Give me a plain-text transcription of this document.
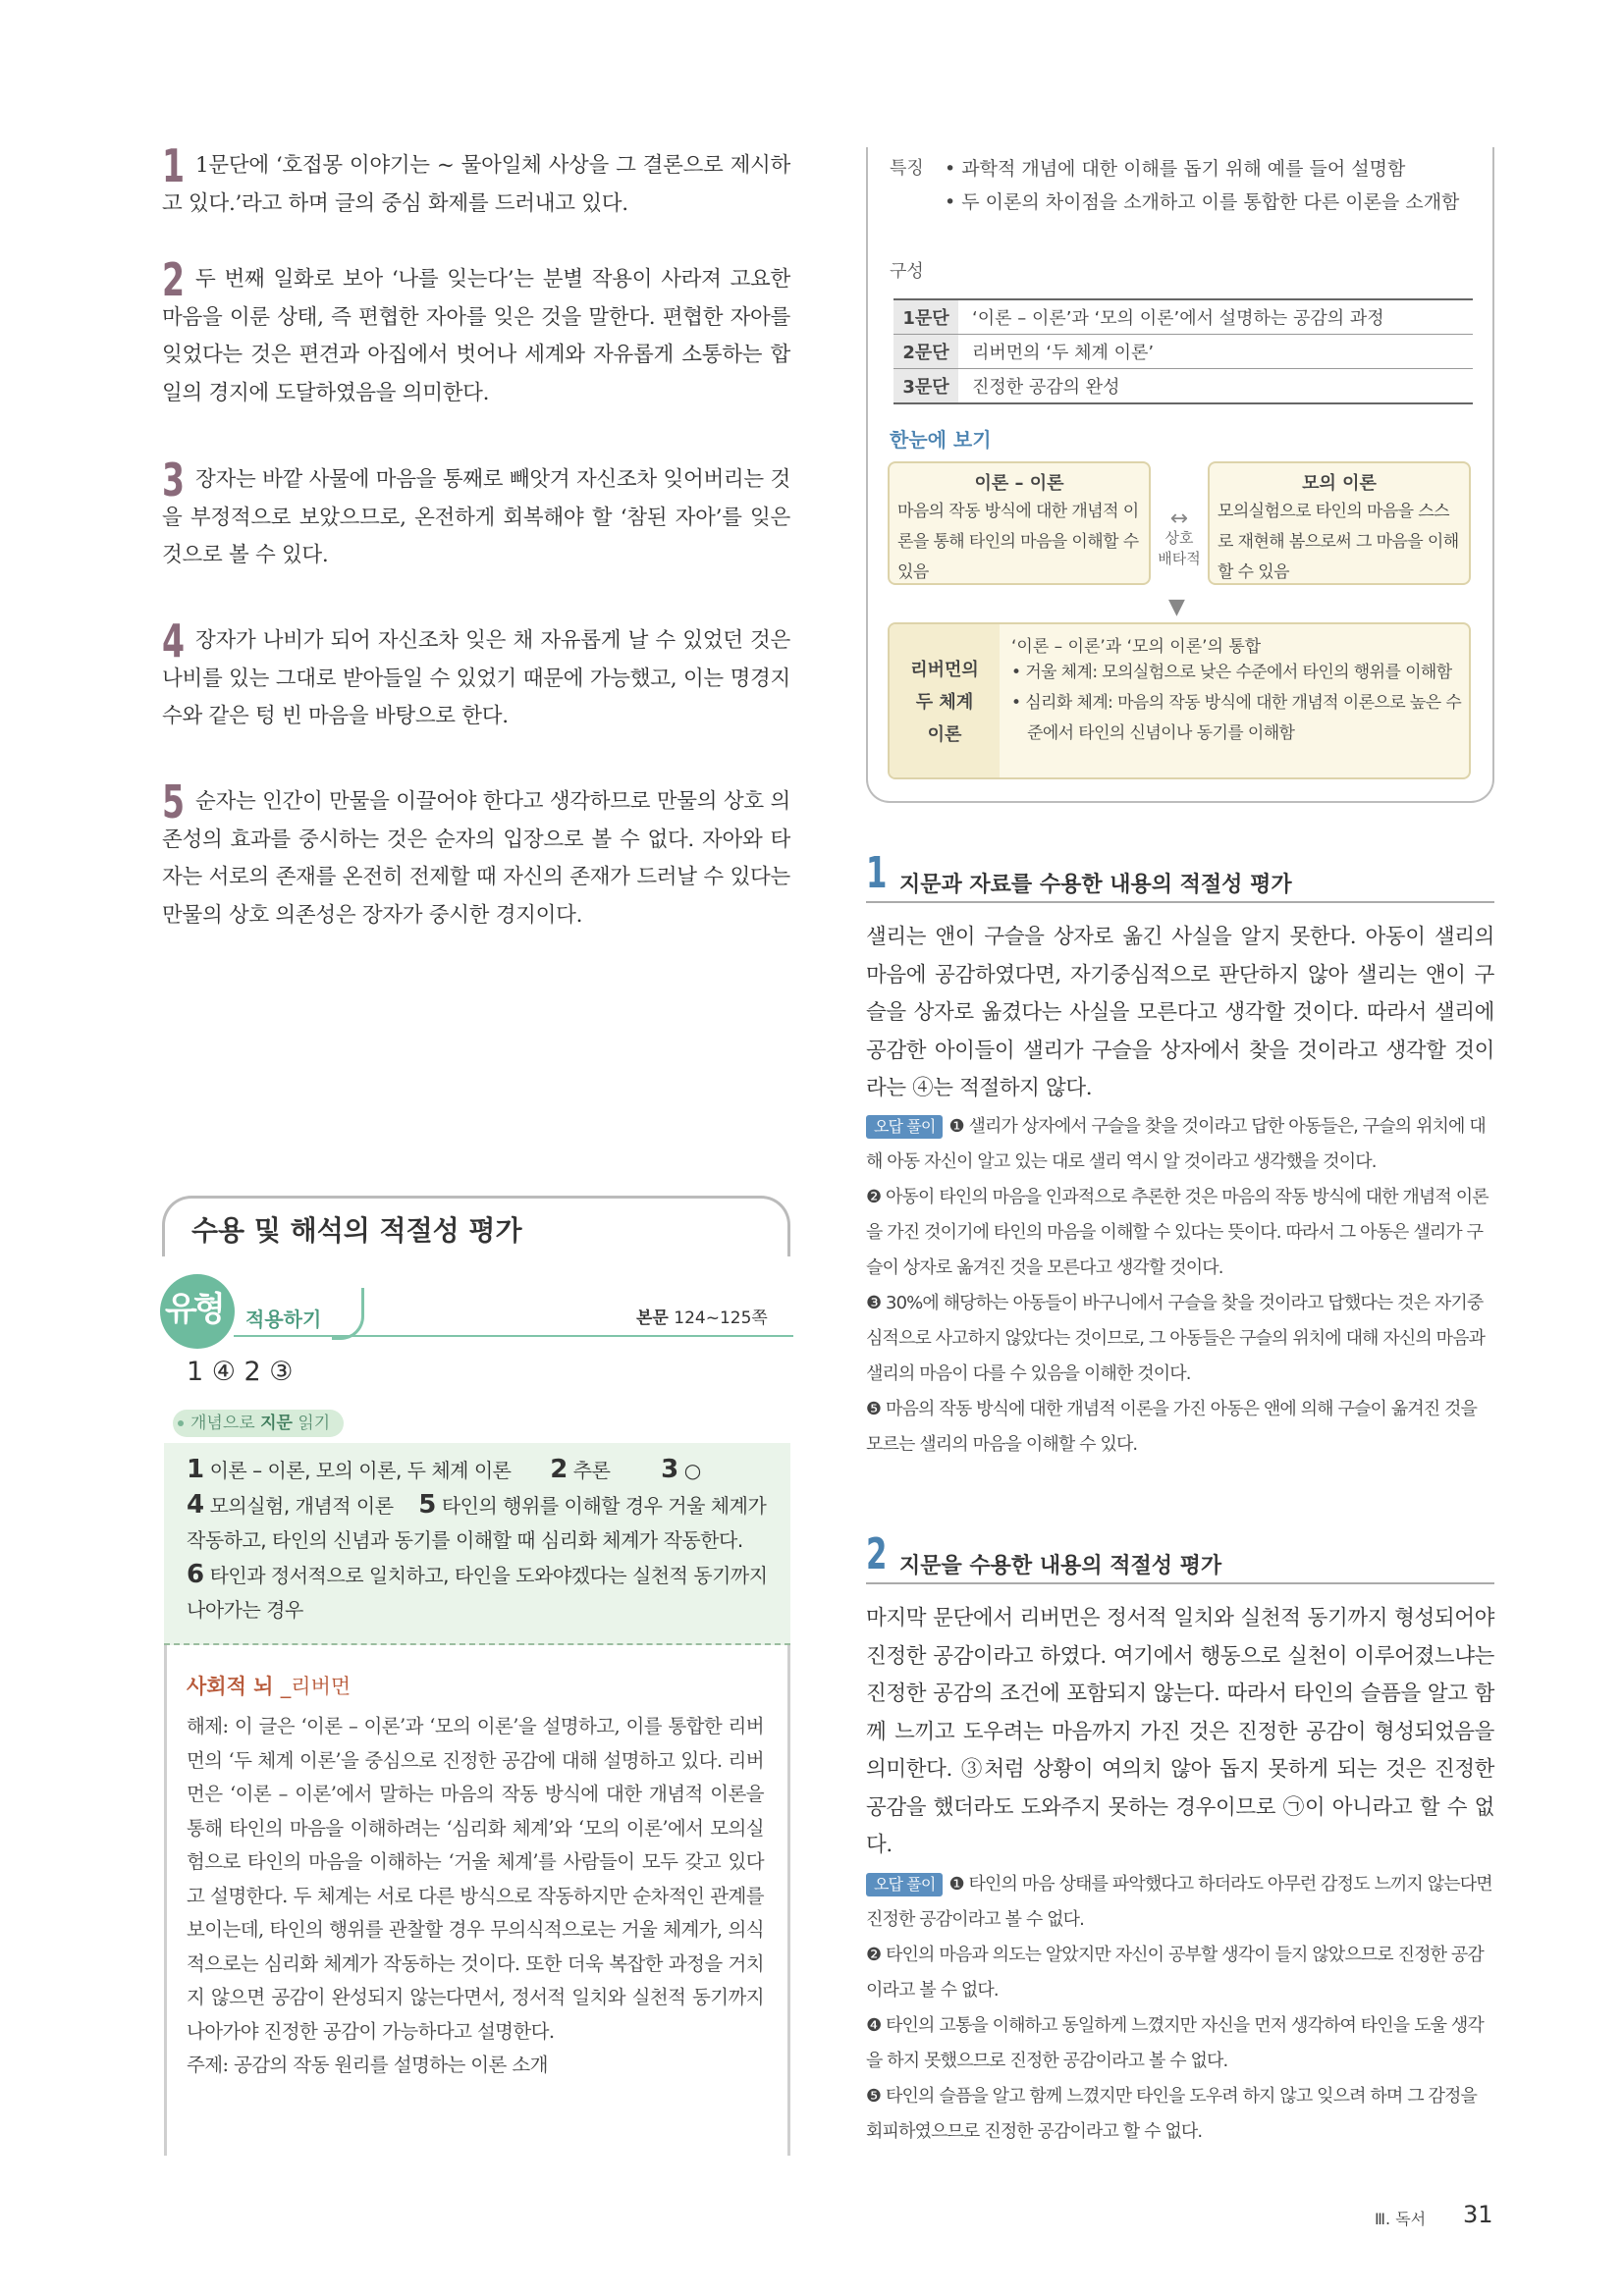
1 1문단에 ‘호접몽 이야기는 ~ 물아일체 사상을 그 결론으로 제시하고 있다.’라고 하며 글의 중심 화제를 드러내고 있다.
2 두 번째 일화로 보아 ‘나를 잊는다’는 분별 작용이 사라져 고요한 마음을 이룬 상태, 즉 편협한 자아를 잊은 것을 말한다. 편협한 자아를 잊었다는 것은 편견과 아집에서 벗어나 세계와 자유롭게 소통하는 합일의 경지에 도달하였음을 의미한다.
3 장자는 바깥 사물에 마음을 통째로 빼앗겨 자신조차 잊어버리는 것을 부정적으로 보았으므로, 온전하게 회복해야 할 ‘참된 자아’를 잊은 것으로 볼 수 있다.
4 장자가 나비가 되어 자신조차 잊은 채 자유롭게 날 수 있었던 것은 나비를 있는 그대로 받아들일 수 있었기 때문에 가능했고, 이는 명경지수와 같은 텅 빈 마음을 바탕으로 한다.
5 순자는 인간이 만물을 이끌어야 한다고 생각하므로 만물의 상호 의존성의 효과를 중시하는 것은 순자의 입장으로 볼 수 없다. 자아와 타자는 서로의 존재를 온전히 전제할 때 자신의 존재가 드러날 수 있다는 만물의 상호 의존성은 장자가 중시한 경지이다.
수용 및 해석의 적절성 평가
유형 적용하기	본문 124~125쪽
1 ④ 2 ③
개념으로 지문 읽기
1 이론 – 이론, 모의 이론, 두 체계 이론 2 추론 3 ○
4 모의실험, 개념적 이론 5 타인의 행위를 이해할 경우 거울 체계가 작동하고, 타인의 신념과 동기를 이해할 때 심리화 체계가 작동한다.  6 타인과 정서적으로 일치하고, 타인을 도와야겠다는 실천적 동기까지 나아가는 경우
사회적 뇌 _리버먼
해제: 이 글은 ‘이론 – 이론’과 ‘모의 이론’을 설명하고, 이를 통합한 리버먼의 ‘두 체계 이론’을 중심으로 진정한 공감에 대해 설명하고 있다. 리버먼은 ‘이론 – 이론’에서 말하는 마음의 작동 방식에 대한 개념적 이론을 통해 타인의 마음을 이해하려는 ‘심리화 체계’와 ‘모의 이론’에서 모의실험으로 타인의 마음을 이해하는 ‘거울 체계’를 사람들이 모두 갖고 있다고 설명한다. 두 체계는 서로 다른 방식으로 작동하지만 순차적인 관계를 보이는데, 타인의 행위를 관찰할 경우 무의식적으로는 거울 체계가, 의식적으로는 심리화 체계가 작동하는 것이다. 또한 더욱 복잡한 과정을 거치지 않으면 공감이 완성되지 않는다면서, 정서적 일치와 실천적 동기까지 나아가야 진정한 공감이 가능하다고 설명한다.
주제: 공감의 작동 원리를 설명하는 이론 소개
특징 • 과학적 개념에 대한 이해를 돕기 위해 예를 들어 설명함
• 두 이론의 차이점을 소개하고 이를 통합한 다른 이론을 소개함
구성
1문단	‘이론 – 이론’과 ‘모의 이론’에서 설명하는 공감의 과정
2문단	리버먼의 ‘두 체계 이론’
3문단	진정한 공감의 완성
한눈에 보기
이론 – 이론
마음의 작동 방식에 대한 개념적 이론을 통해 타인의 마음을 이해할 수 있음
↔
상호
배타적
모의 이론
모의실험으로 타인의 마음을 스스로 재현해 봄으로써 그 마음을 이해할 수 있음
▼
리버먼의
두 체계
이론
‘이론 – 이론’과 ‘모의 이론’의 통합
• 거울 체계: 모의실험으로 낮은 수준에서 타인의 행위를 이해함
• 심리화 체계: 마음의 작동 방식에 대한 개념적 이론으로 높은 수준에서 타인의 신념이나 동기를 이해함
1 지문과 자료를 수용한 내용의 적절성 평가
샐리는 앤이 구슬을 상자로 옮긴 사실을 알지 못한다. 아동이 샐리의 마음에 공감하였다면, 자기중심적으로 판단하지 않아 샐리는 앤이 구슬을 상자로 옮겼다는 사실을 모른다고 생각할 것이다. 따라서 샐리에 공감한 아이들이 샐리가 구슬을 상자에서 찾을 것이라고 생각할 것이라는 ④는 적절하지 않다.
오답 풀이 ❶ 샐리가 상자에서 구슬을 찾을 것이라고 답한 아동들은, 구슬의 위치에 대해 아동 자신이 알고 있는 대로 샐리 역시 알 것이라고 생각했을 것이다.
❷ 아동이 타인의 마음을 인과적으로 추론한 것은 마음의 작동 방식에 대한 개념적 이론을 가진 것이기에 타인의 마음을 이해할 수 있다는 뜻이다. 따라서 그 아동은 샐리가 구슬이 상자로 옮겨진 것을 모른다고 생각할 것이다.
❸ 30%에 해당하는 아동들이 바구니에서 구슬을 찾을 것이라고 답했다는 것은 자기중심적으로 사고하지 않았다는 것이므로, 그 아동들은 구슬의 위치에 대해 자신의 마음과 샐리의 마음이 다를 수 있음을 이해한 것이다.
❺ 마음의 작동 방식에 대한 개념적 이론을 가진 아동은 앤에 의해 구슬이 옮겨진 것을 모르는 샐리의 마음을 이해할 수 있다.
2 지문을 수용한 내용의 적절성 평가
마지막 문단에서 리버먼은 정서적 일치와 실천적 동기까지 형성되어야 진정한 공감이라고 하였다. 여기에서 행동으로 실천이 이루어졌느냐는 진정한 공감의 조건에 포함되지 않는다. 따라서 타인의 슬픔을 알고 함께 느끼고 도우려는 마음까지 가진 것은 진정한 공감이 형성되었음을 의미한다. ③처럼 상황이 여의치 않아 돕지 못하게 되는 것은 진정한 공감을 했더라도 도와주지 못하는 경우이므로 ㉠이 아니라고 할 수 없다.
오답 풀이 ❶ 타인의 마음 상태를 파악했다고 하더라도 아무런 감정도 느끼지 않는다면 진정한 공감이라고 볼 수 없다.
❷ 타인의 마음과 의도는 알았지만 자신이 공부할 생각이 들지 않았으므로 진정한 공감이라고 볼 수 없다.
❹ 타인의 고통을 이해하고 동일하게 느꼈지만 자신을 먼저 생각하여 타인을 도울 생각을 하지 못했으므로 진정한 공감이라고 볼 수 없다.
❺ 타인의 슬픔을 알고 함께 느꼈지만 타인을 도우려 하지 않고 잊으려 하며 그 감정을 회피하였으므로 진정한 공감이라고 할 수 없다.
Ⅲ. 독서 31
